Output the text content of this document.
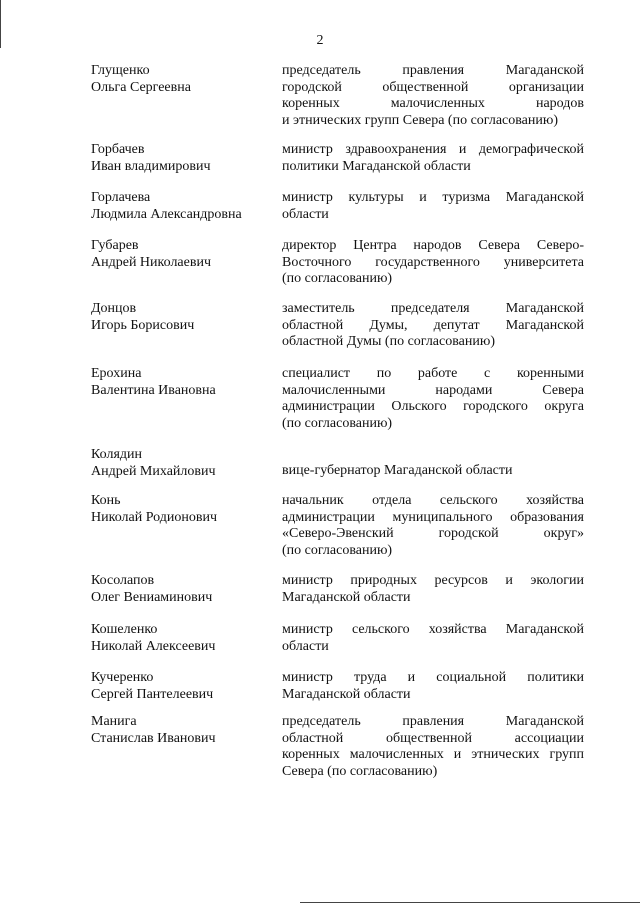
2
Глущенко
Ольга Сергеевна
председатель правления Магаданской
городской общественной организации
коренных малочисленных народов
и этнических групп Севера (по согласованию)
Горбачев
Иван владимирович
министр здравоохранения и демографической
политики Магаданской области
Горлачева
Людмила Александровна
министр культуры и туризма Магаданской
области
Губарев
Андрей Николаевич
директор Центра народов Севера Северо-
Восточного государственного университета
(по согласованию)
Донцов
Игорь Борисович
заместитель председателя Магаданской
областной Думы, депутат Магаданской
областной Думы (по согласованию)
Ерохина
Валентина Ивановна
специалист по работе с коренными
малочисленными народами Севера
администрации Ольского городского округа
(по согласованию)
Колядин
Андрей Михайлович	вице-губернатор Магаданской области
Конь
Николай Родионович
начальник отдела сельского хозяйства
администрации муниципального образования
«Северо-Эвенский городской округ»
(по согласованию)
Косолапов
Олег Вениаминович
министр природных ресурсов и экологии
Магаданской области
Кошеленко
Николай Алексеевич
министр сельского хозяйства Магаданской
области
Кучеренко
Сергей Пантелеевич
министр труда и социальной политики
Магаданской области
Манига
Станислав Иванович
председатель правления Магаданской
областной общественной ассоциации
коренных малочисленных и этнических групп
Севера (по согласованию)
